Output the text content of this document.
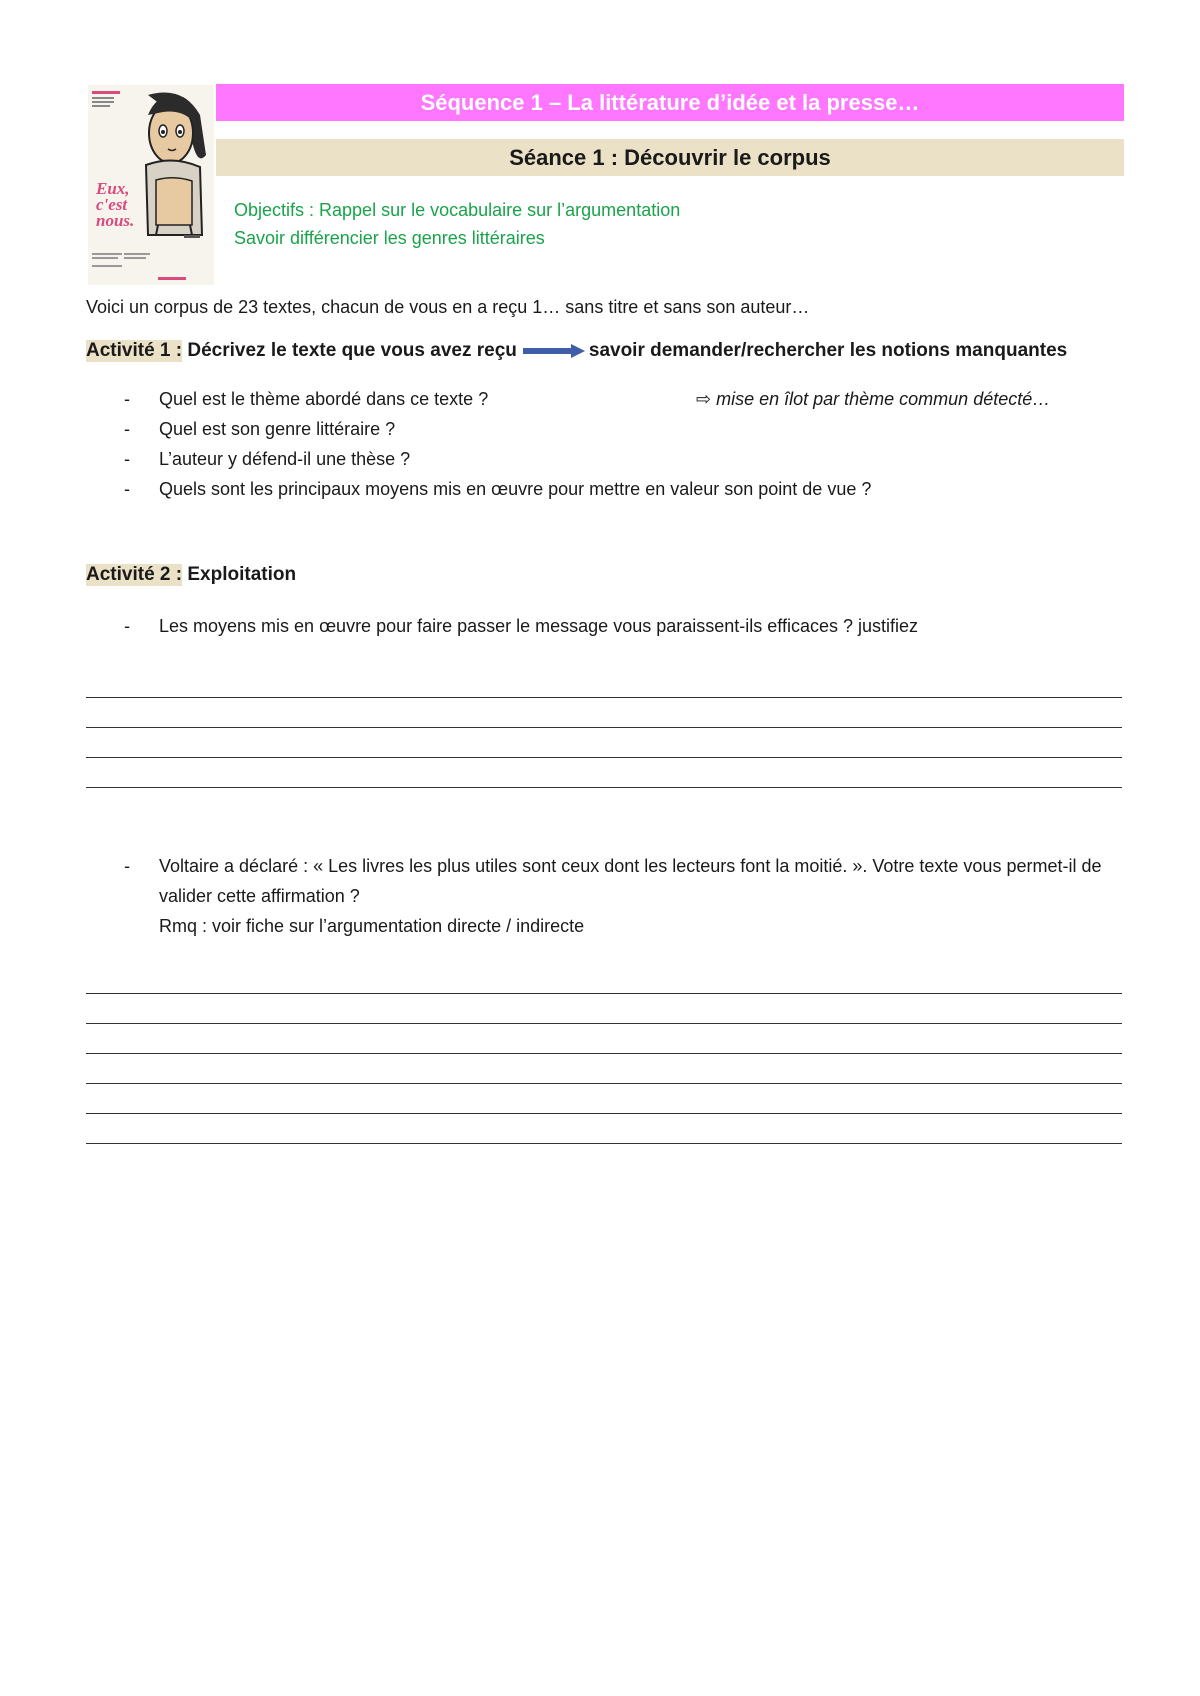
Eux, c'est nous.
Séquence 1 – La littérature d’idée et la presse…
Séance 1 : Découvrir le corpus
Objectifs : Rappel sur le vocabulaire sur l’argumentation
Savoir différencier les genres littéraires
Voici un corpus de 23 textes, chacun de vous en a reçu 1… sans titre et sans son auteur…
Activité 1 : Décrivez le texte que vous avez reçu	savoir demander/rechercher les notions manquantes
- Quel est le thème abordé dans ce texte ?
- Quel est son genre littéraire ?
- L’auteur y défend-il une thèse ?
- Quels sont les principaux moyens mis en œuvre pour mettre en valeur son point de vue ?
⇨ mise en îlot par thème commun détecté…
Activité 2 : Exploitation
- Les moyens mis en œuvre pour faire passer le message vous paraissent-ils efficaces ? justifiez
- Voltaire a déclaré : « Les livres les plus utiles sont ceux dont les lecteurs font la moitié. ». Votre texte vous permet-il de valider cette affirmation ?
Rmq : voir fiche sur l’argumentation directe / indirecte
